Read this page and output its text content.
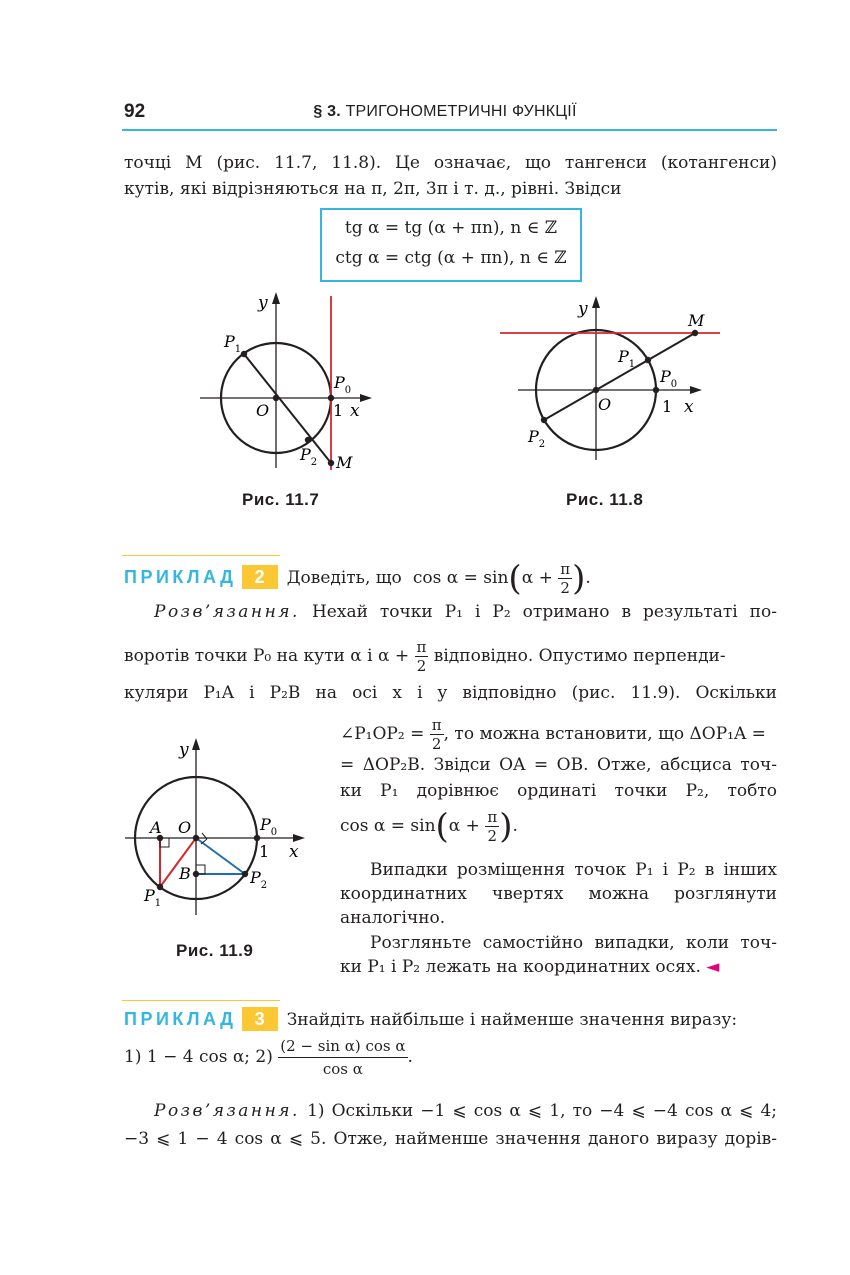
92	§ 3. ТРИГОНОМЕТРИЧНІ ФУНКЦІЇ
точці M (рис. 11.7, 11.8). Це означає, що тангенси (котангенси)
кутів, які відрізняються на π, 2π, 3π і т. д., рівні. Звідси
tg α = tg (α + πn), n ∈ ℤ
ctg α = ctg (α + πn), n ∈ ℤ
y
x
O	1
$P_1$
$P_0$
$P_2$ M
Рис. 11.7
y
x
O	1
M
$P_1$
$P_0$
$P_2$
Рис. 11.8
ПРИКЛАД 2 Доведіть, що $\cos \alpha = \sin(\alpha + \frac{\pi}{2}$ ).
Розв’язання. Нехай точки P₁ і P₂ отримано в результаті по-
воротів точки P₀ на кути α і $\alpha + \frac{\pi}{2}$ відповідно. Опустимо перпенди-
куляри P₁A і P₂B на осі x і y відповідно (рис. 11.9). Оскільки
∠P₁OP₂ = $\frac{\pi}{2}$ , то можна встановити, що ΔOP₁A =
= ΔOP₂B. Звідси OA = OB. Отже, абсциса точ-
ки P₁ дорівнює ординаті точки P₂, тобто
$\cos \alpha = \sin(\alpha + \frac{\pi}{2}$ ).
Випадки розміщення точок P₁ і P₂ в інших
координатних чвертях можна розглянути
аналогічно.
Розгляньте самостійно випадки, коли точ-
ки P₁ і P₂ лежать на координатних осях. ◄
y
x
A O
1
B
$P_0$
$P_2$
$P_1$
Рис. 11.9
ПРИКЛАД 3 Знайдіть найбільше і найменше значення виразу:
1) 1 − 4 cos α; $2) \frac{\text{(2 − sin α) cos α}}{\text{cos α}}$ .
Розв’язання. 1) Оскільки −1 ⩽ cos α ⩽ 1, то −4 ⩽ −4 cos α ⩽ 4;
−3 ⩽ 1 − 4 cos α ⩽ 5. Отже, найменше значення даного виразу дорів-
